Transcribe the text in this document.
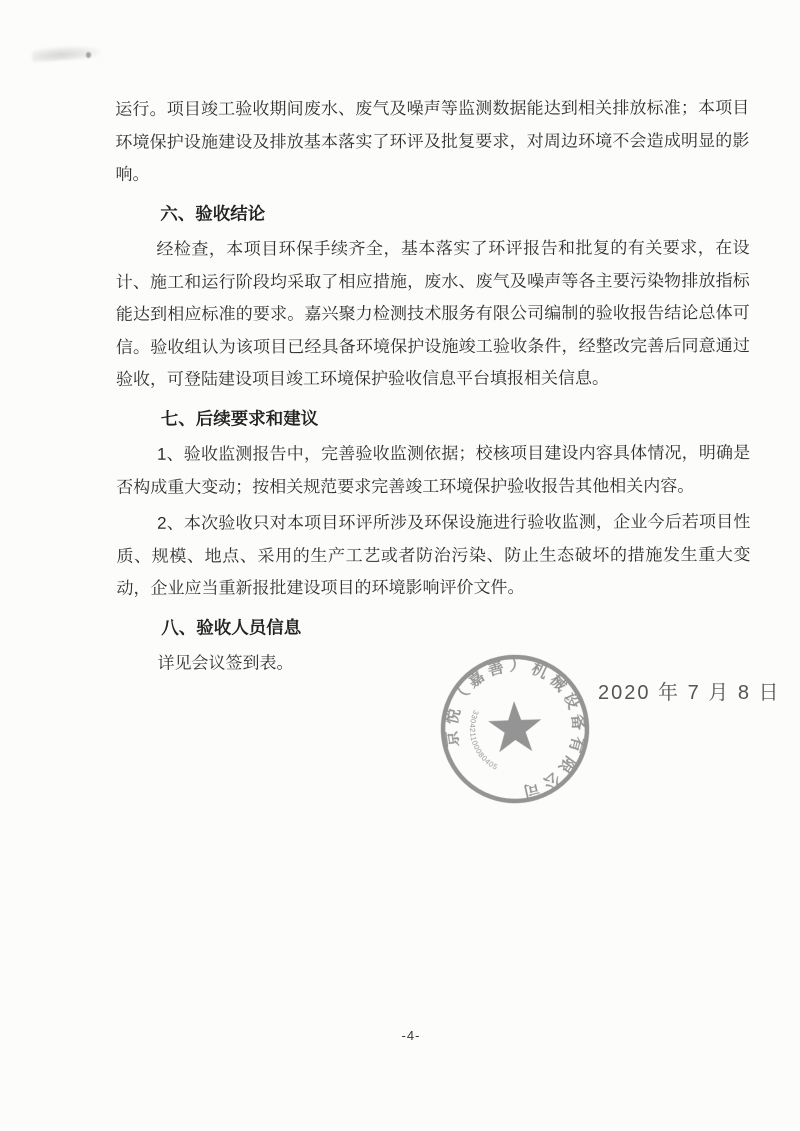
运行。项目竣工验收期间废水、废气及噪声等监测数据能达到相关排放标准；本项目环境保护设施建设及排放基本落实了环评及批复要求，对周边环境不会造成明显的影响。

六、验收结论

经检查，本项目环保手续齐全，基本落实了环评报告和批复的有关要求，在设计、施工和运行阶段均采取了相应措施，废水、废气及噪声等各主要污染物排放指标能达到相应标准的要求。嘉兴聚力检测技术服务有限公司编制的验收报告结论总体可信。验收组认为该项目已经具备环境保护设施竣工验收条件，经整改完善后同意通过验收，可登陆建设项目竣工环境保护验收信息平台填报相关信息。

七、后续要求和建议

1、验收监测报告中，完善验收监测依据；校核项目建设内容具体情况，明确是否构成重大变动；按相关规范要求完善竣工环境保护验收报告其他相关内容。

2、本次验收只对本项目环评所涉及环保设施进行验收监测，企业今后若项目性质、规模、地点、采用的生产工艺或者防治污染、防止生态破坏的措施发生重大变动，企业应当重新报批建设项目的环境影响评价文件。

八、验收人员信息

详见会议签到表。

京悦（嘉善）机械设备有限公司
330421100080405
2020 年 7 月 8 日
-4-
